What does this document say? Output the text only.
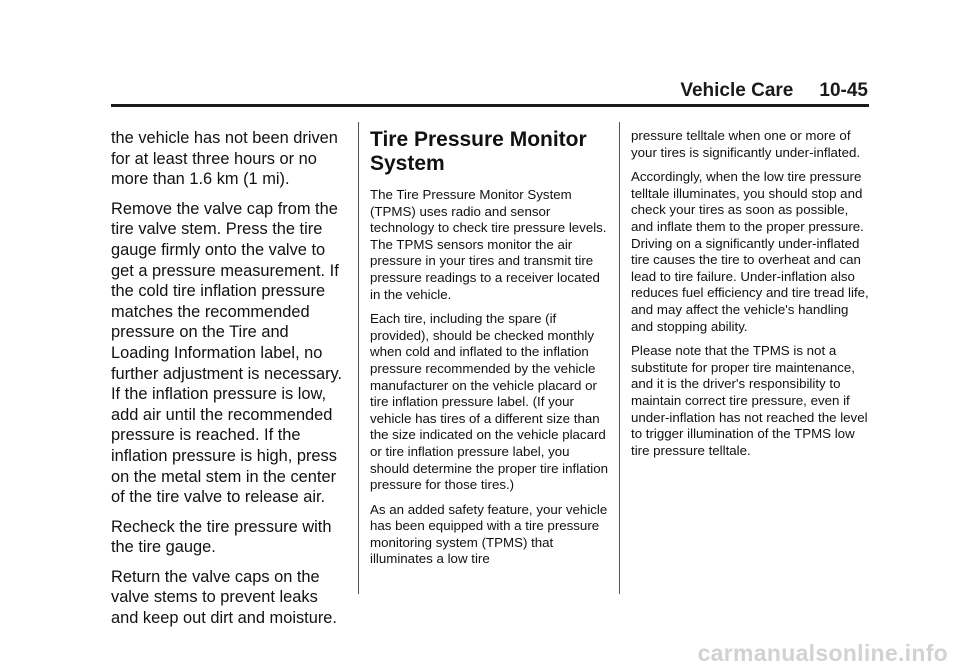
Vehicle Care 10-45

the vehicle has not been driven for at least three hours or no more than 1.6 km (1 mi).

Remove the valve cap from the tire valve stem. Press the tire gauge firmly onto the valve to get a pressure measurement. If the cold tire inflation pressure matches the recommended pressure on the Tire and Loading Information label, no further adjustment is necessary. If the inflation pressure is low, add air until the recommended pressure is reached. If the inflation pressure is high, press on the metal stem in the center of the tire valve to release air.

Recheck the tire pressure with the tire gauge.

Return the valve caps on the valve stems to prevent leaks and keep out dirt and moisture.

Tire Pressure Monitor System

The Tire Pressure Monitor System (TPMS) uses radio and sensor technology to check tire pressure levels. The TPMS sensors monitor the air pressure in your tires and transmit tire pressure readings to a receiver located in the vehicle.

Each tire, including the spare (if provided), should be checked monthly when cold and inflated to the inflation pressure recommended by the vehicle manufacturer on the vehicle placard or tire inflation pressure label. (If your vehicle has tires of a different size than the size indicated on the vehicle placard or tire inflation pressure label, you should determine the proper tire inflation pressure for those tires.)

As an added safety feature, your vehicle has been equipped with a tire pressure monitoring system (TPMS) that illuminates a low tire

pressure telltale when one or more of your tires is significantly under-inflated.

Accordingly, when the low tire pressure telltale illuminates, you should stop and check your tires as soon as possible, and inflate them to the proper pressure. Driving on a significantly under-inflated tire causes the tire to overheat and can lead to tire failure. Under-inflation also reduces fuel efficiency and tire tread life, and may affect the vehicle's handling and stopping ability.

Please note that the TPMS is not a substitute for proper tire maintenance, and it is the driver's responsibility to maintain correct tire pressure, even if under-inflation has not reached the level to trigger illumination of the TPMS low tire pressure telltale.

carmanualsonline.info
